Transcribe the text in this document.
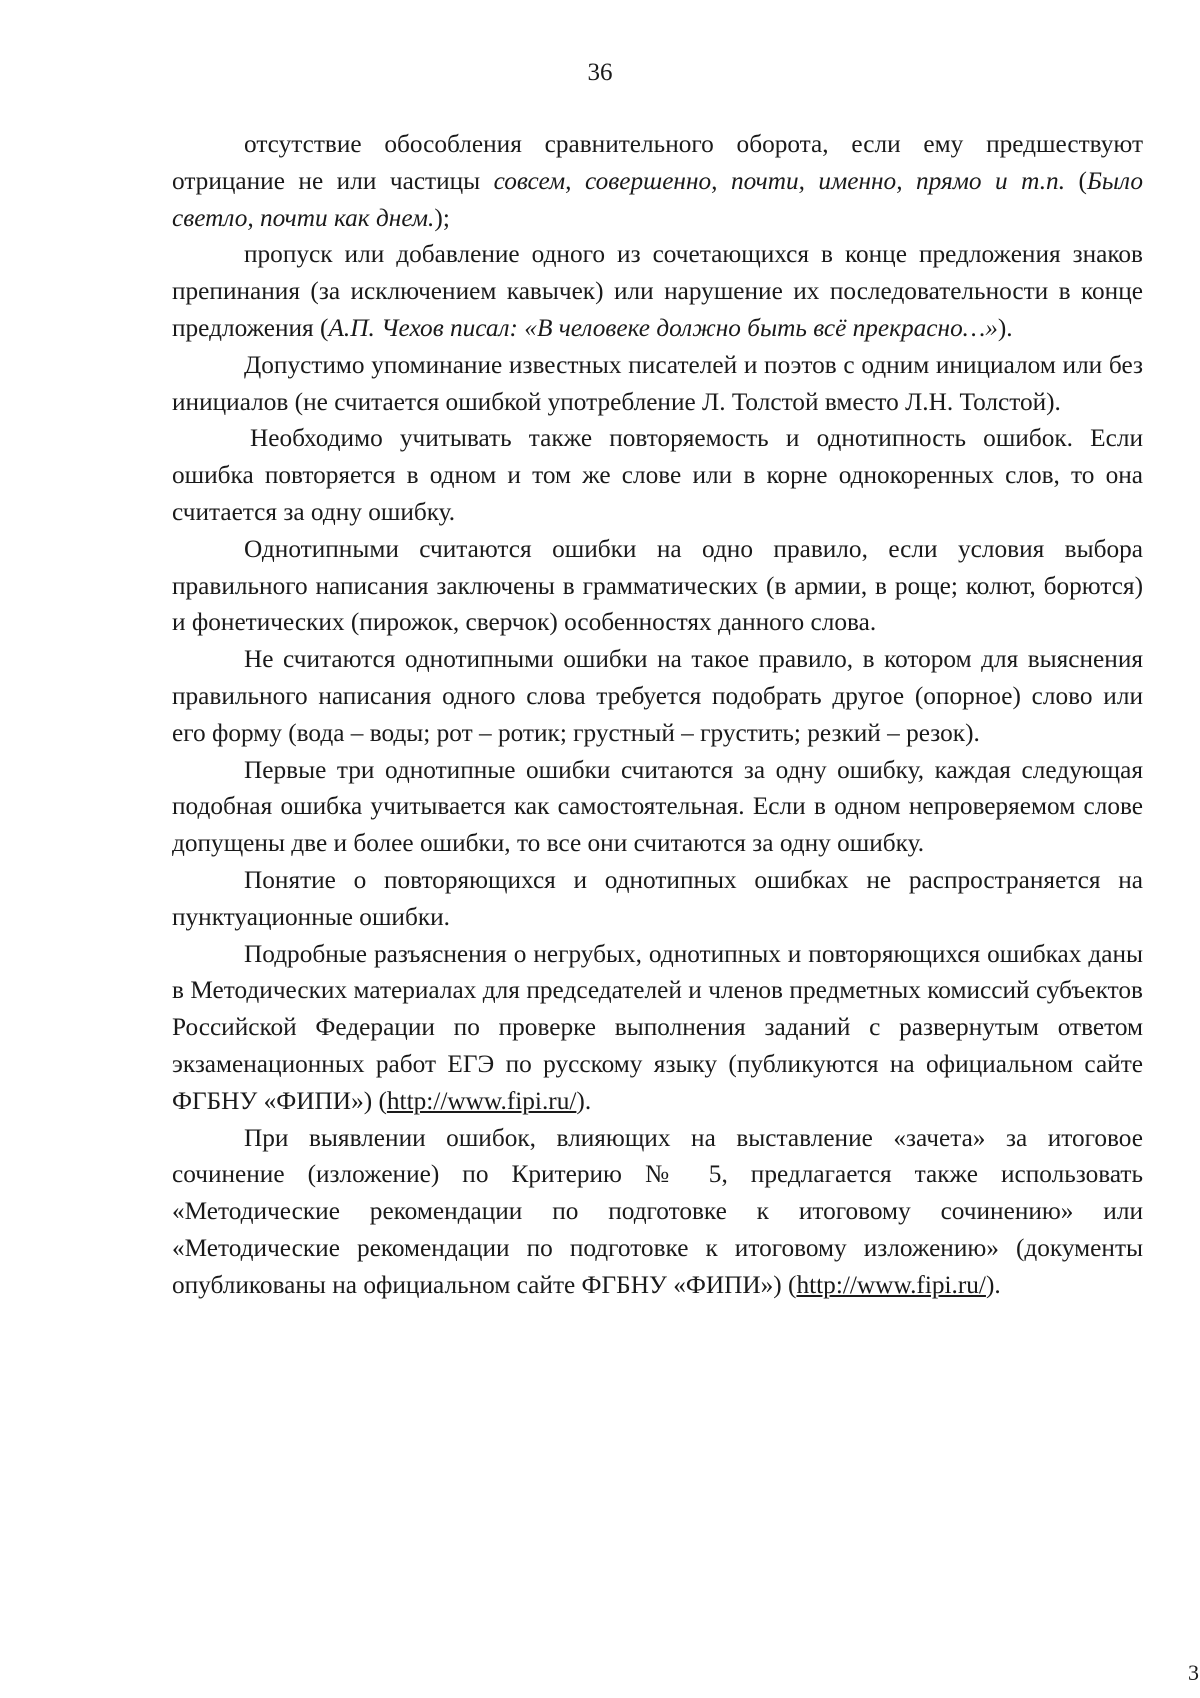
36

отсутствие обособления сравнительного оборота, если ему предшествуют отрицание не или частицы совсем, совершенно, почти, именно, прямо и т.п. (Было светло, почти как днем.);

пропуск или добавление одного из сочетающихся в конце предложения знаков препинания (за исключением кавычек) или нарушение их последовательности в конце предложения (А.П. Чехов писал: «В человеке должно быть всё прекрасно…»).

Допустимо упоминание известных писателей и поэтов с одним инициалом или без инициалов (не считается ошибкой употребление Л. Толстой вместо Л.Н. Толстой).

Необходимо учитывать также повторяемость и однотипность ошибок. Если ошибка повторяется в одном и том же слове или в корне однокоренных слов, то она считается за одну ошибку.

Однотипными считаются ошибки на одно правило, если условия выбора правильного написания заключены в грамматических (в армии, в роще; колют, борются) и фонетических (пирожок, сверчок) особенностях данного слова.

Не считаются однотипными ошибки на такое правило, в котором для выяснения правильного написания одного слова требуется подобрать другое (опорное) слово или его форму (вода – воды; рот – ротик; грустный – грустить; резкий – резок).

Первые три однотипные ошибки считаются за одну ошибку, каждая следующая подобная ошибка учитывается как самостоятельная. Если в одном непроверяемом слове допущены две и более ошибки, то все они считаются за одну ошибку.

Понятие о повторяющихся и однотипных ошибках не распространяется на пунктуационные ошибки.

Подробные разъяснения о негрубых, однотипных и повторяющихся ошибках даны в Методических материалах для председателей и членов предметных комиссий субъектов Российской Федерации по проверке выполнения заданий с развернутым ответом экзаменационных работ ЕГЭ по русскому языку (публикуются на официальном сайте ФГБНУ «ФИПИ») (http://www.fipi.ru/).

При выявлении ошибок, влияющих на выставление «зачета» за итоговое сочинение (изложение) по Критерию № 5, предлагается также использовать «Методические рекомендации по подготовке к итоговому сочинению» или «Методические рекомендации по подготовке к итоговому изложению» (документы опубликованы на официальном сайте ФГБНУ «ФИПИ») (http://www.fipi.ru/).

3
